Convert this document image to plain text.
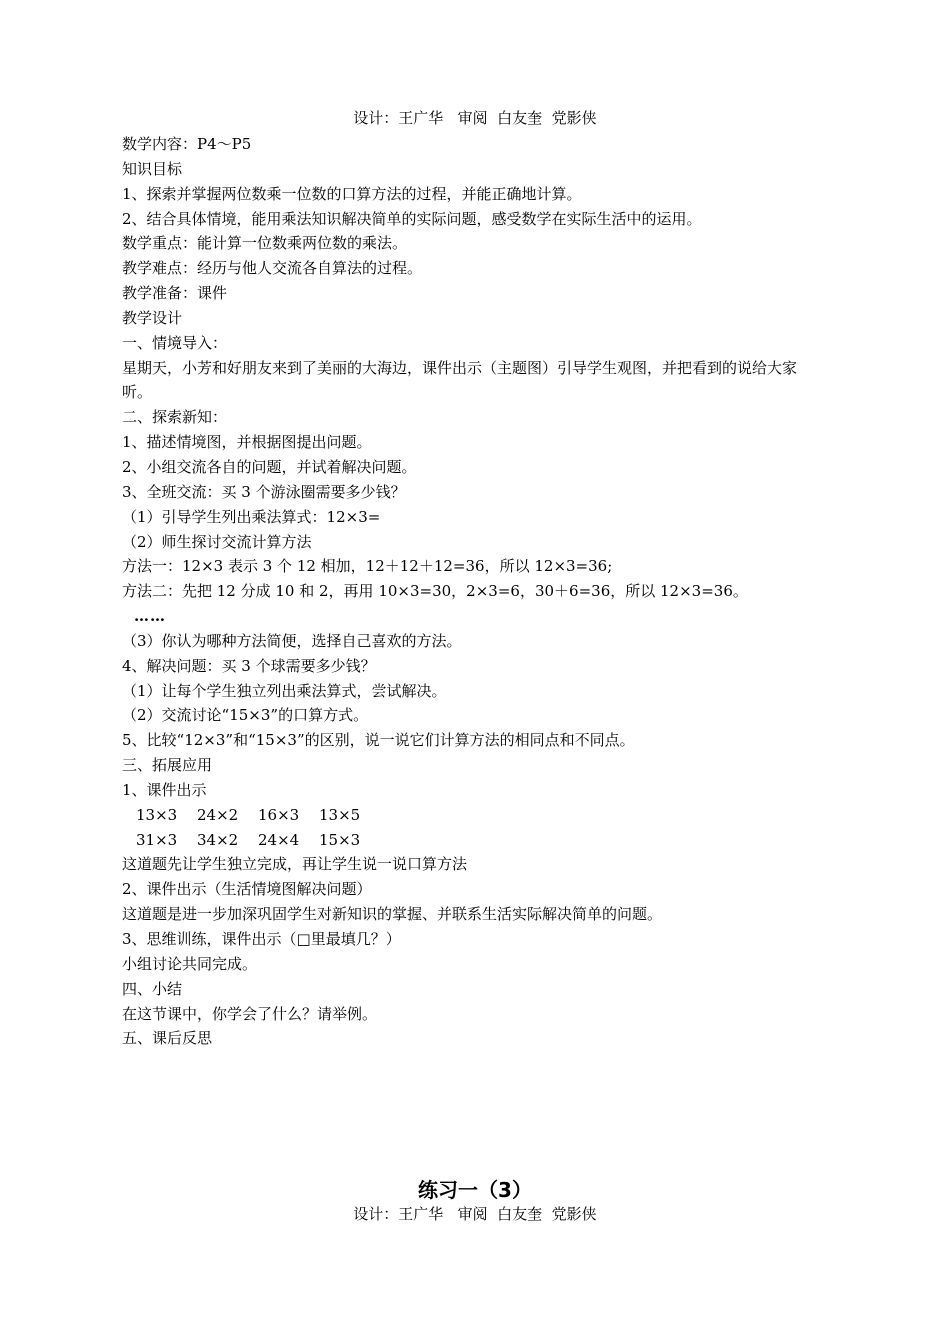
设计：王广华   审阅  白友奎  党影侠

数学内容：P4～P5

知识目标

1、探索并掌握两位数乘一位数的口算方法的过程，并能正确地计算。

2、结合具体情境，能用乘法知识解决简单的实际问题，感受数学在实际生活中的运用。

数学重点：能计算一位数乘两位数的乘法。

教学难点：经历与他人交流各自算法的过程。

教学准备：课件

教学设计

一、情境导入：

星期天，小芳和好朋友来到了美丽的大海边，课件出示（主题图）引导学生观图，并把看到的说给大家听。

二、探索新知：

1、描述情境图，并根据图提出问题。

2、小组交流各自的问题，并试着解决问题。

3、全班交流：买 3 个游泳圈需要多少钱？

（1）引导学生列出乘法算式：12×3=

（2）师生探讨交流计算方法

方法一：12×3 表示 3 个 12 相加，12＋12＋12=36，所以 12×3=36;

方法二：先把 12 分成 10 和 2，再用 10×3=30，2×3=6，30＋6=36，所以 12×3=36。

……

（3）你认为哪种方法简便，选择自己喜欢的方法。

4、解决问题：买 3 个球需要多少钱？

（1）让每个学生独立列出乘法算式，尝试解决。

（2）交流讨论“15×3”的口算方式。

5、比较“12×3”和“15×3”的区别，说一说它们计算方法的相同点和不同点。

三、拓展应用

1、课件出示

13×3	24×2	16×3	13×5
31×3	34×2	24×4	15×3

这道题先让学生独立完成，再让学生说一说口算方法

2、课件出示（生活情境图解决问题）

这道题是进一步加深巩固学生对新知识的掌握、并联系生活实际解决简单的问题。

3、思维训练，课件出示（□里最填几？）

小组讨论共同完成。

四、小结

在这节课中，你学会了什么？请举例。

五、课后反思

练习一（3）
设计：王广华   审阅  白友奎  党影侠
